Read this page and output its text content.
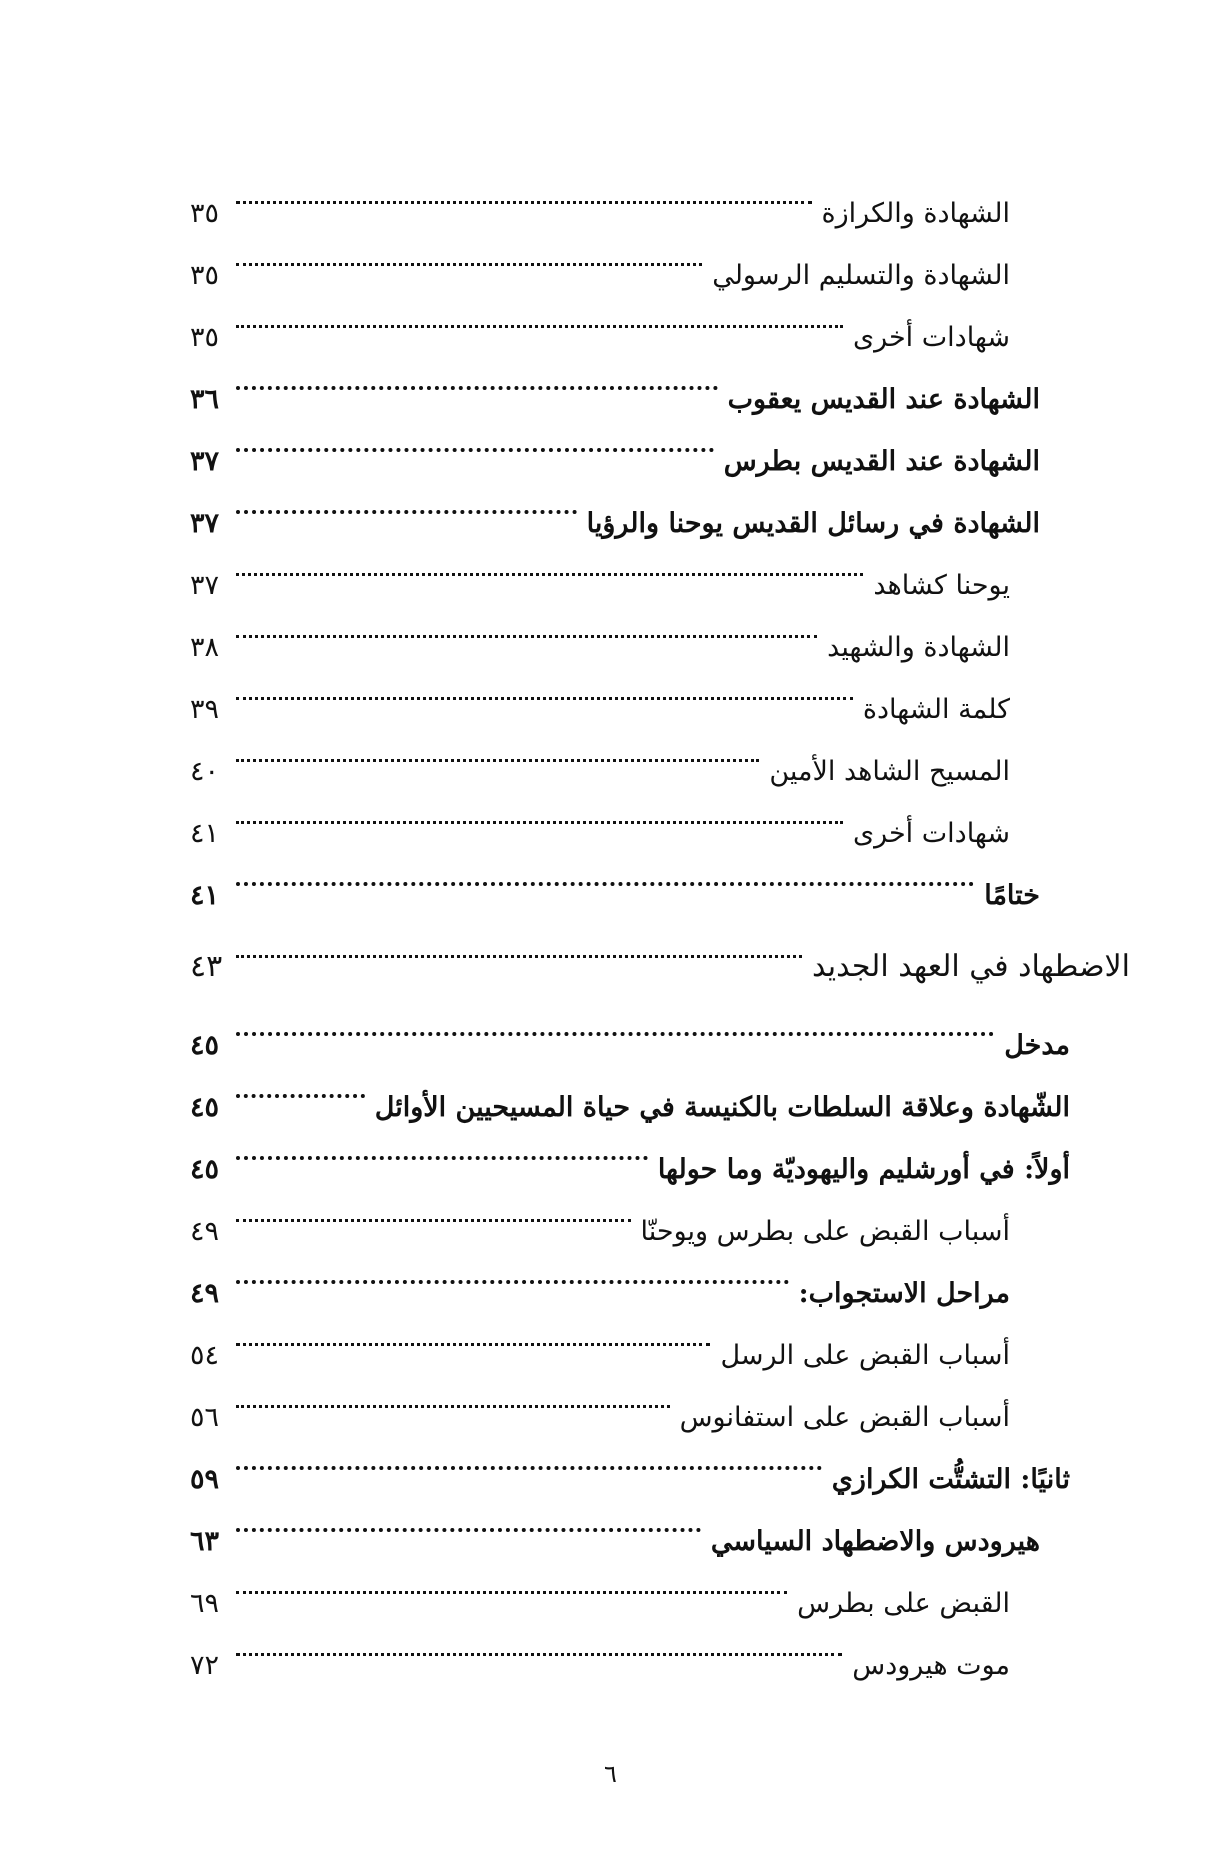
الشهادة والكرازة
٣٥
الشهادة والتسليم الرسولي
٣٥
شهادات أخرى
٣٥
الشهادة عند القديس يعقوب
٣٦
الشهادة عند القديس بطرس
٣٧
الشهادة في رسائل القديس يوحنا والرؤيا
٣٧
يوحنا كشاهد
٣٧
الشهادة والشهيد
٣٨
كلمة الشهادة
٣٩
المسيح الشاهد الأمين
٤٠
شهادات أخرى
٤١
ختامًا
٤١
الاضطهاد في العهد الجديد
٤٣
مدخل
٤٥
الشّهادة وعلاقة السلطات بالكنيسة في حياة المسيحيين الأوائل
٤٥
أولاً: في أورشليم واليهوديّة وما حولها
٤٥
أسباب القبض على بطرس ويوحنّا
٤٩
مراحل الاستجواب:
٤٩
أسباب القبض على الرسل
٥٤
أسباب القبض على استفانوس
٥٦
ثانيًا: التشتُّت الكرازي
٥٩
هيرودس والاضطهاد السياسي
٦٣
القبض على بطرس
٦٩
موت هيرودس
٧٢
٦
